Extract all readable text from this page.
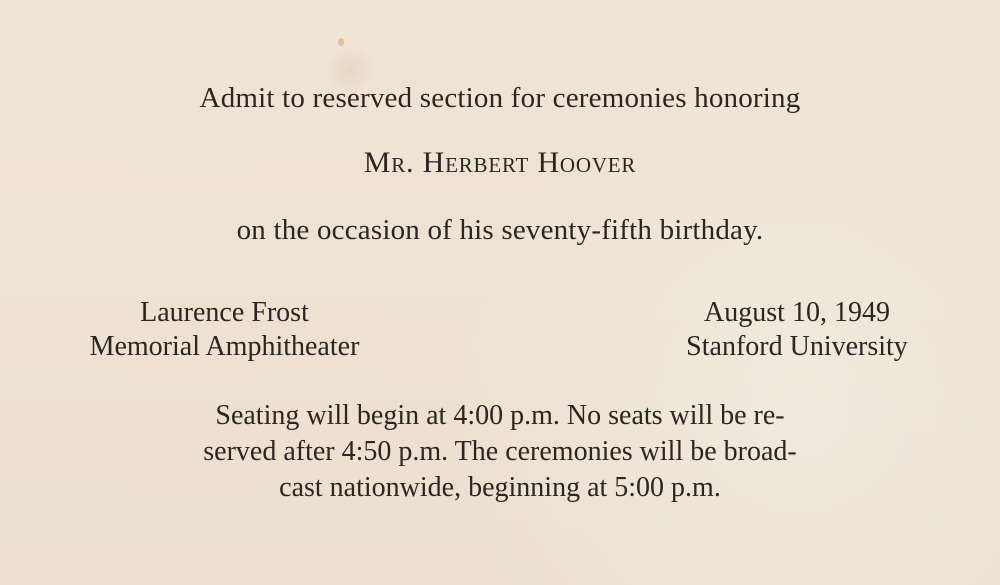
Admit to reserved section for ceremonies honoring
Mr. Herbert Hoover
on the occasion of his seventy-fifth birthday.
Laurence Frost
Memorial Amphitheater
August 10, 1949
Stanford University
Seating will begin at 4:00 p.m. No seats will be re-
served after 4:50 p.m. The ceremonies will be broad-
cast nationwide, beginning at 5:00 p.m.
